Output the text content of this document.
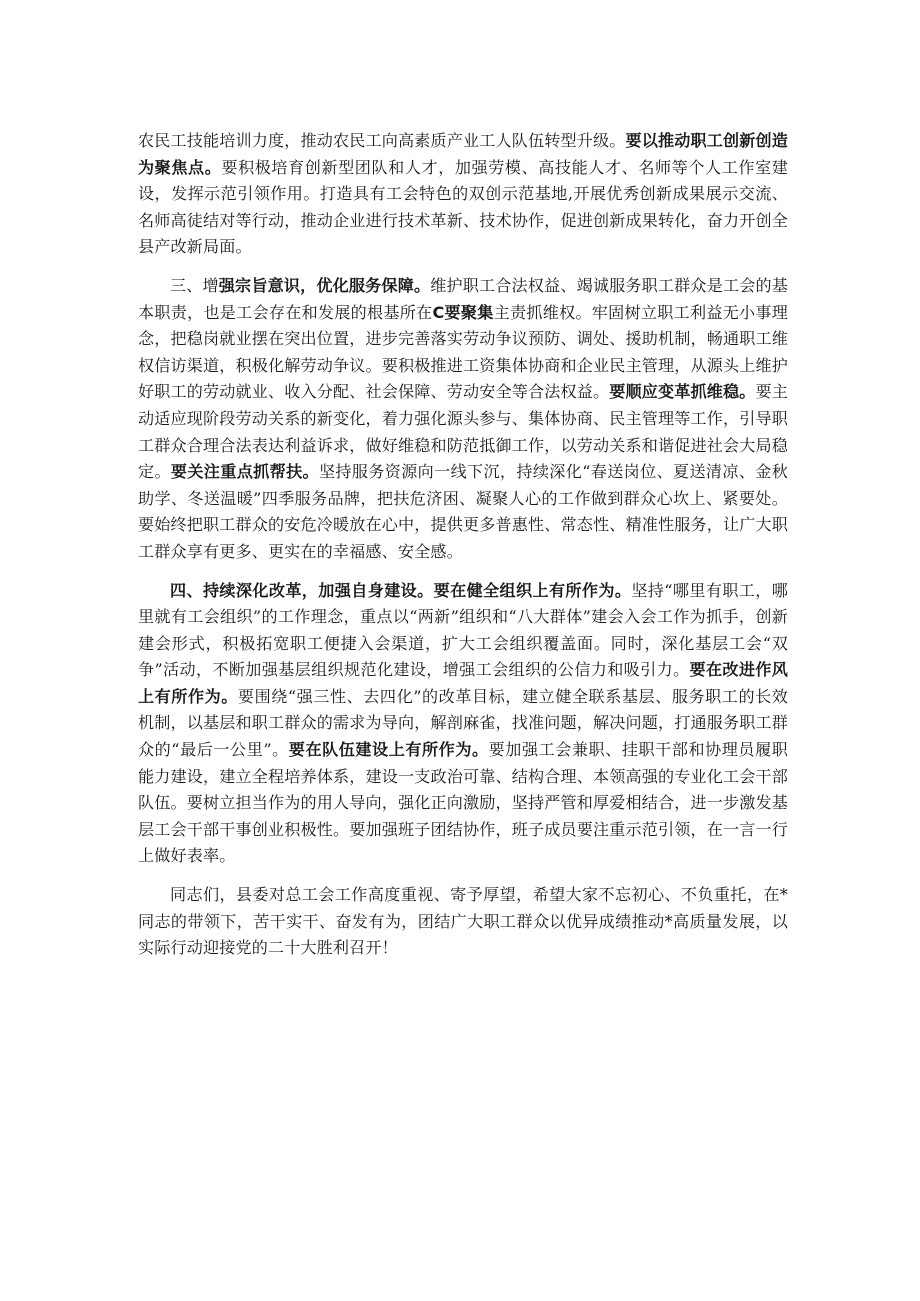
农民工技能培训力度，推动农民工向高素质产业工人队伍转型升级。要以推动职工创新创造为聚焦点。要积极培育创新型团队和人才，加强劳模、高技能人才、名师等个人工作室建设，发挥示范引领作用。打造具有工会特色的双创示范基地,开展优秀创新成果展示交流、名师高徒结对等行动，推动企业进行技术革新、技术协作，促进创新成果转化，奋力开创全县产改新局面。

三、增强宗旨意识，优化服务保障。维护职工合法权益、竭诚服务职工群众是工会的基本职责，也是工会存在和发展的根基所在C要聚集主责抓维权。牢固树立职工利益无小事理念，把稳岗就业摆在突出位置，进步完善落实劳动争议预防、调处、援助机制，畅通职工维权信访渠道，积极化解劳动争议。要积极推进工资集体协商和企业民主管理，从源头上维护好职工的劳动就业、收入分配、社会保障、劳动安全等合法权益。要顺应变革抓维稳。要主动适应现阶段劳动关系的新变化，着力强化源头参与、集体协商、民主管理等工作，引导职工群众合理合法表达利益诉求，做好维稳和防范抵御工作，以劳动关系和谐促进社会大局稳定。要关注重点抓帮扶。坚持服务资源向一线下沉，持续深化“春送岗位、夏送清凉、金秋助学、冬送温暖”四季服务品牌，把扶危济困、凝聚人心的工作做到群众心坎上、紧要处。要始终把职工群众的安危冷暖放在心中，提供更多普惠性、常态性、精准性服务，让广大职工群众享有更多、更实在的幸福感、安全感。

四、持续深化改革，加强自身建设。要在健全组织上有所作为。坚持“哪里有职工，哪里就有工会组织”的工作理念，重点以“两新”组织和“八大群体”建会入会工作为抓手，创新建会形式，积极拓宽职工便捷入会渠道，扩大工会组织覆盖面。同时，深化基层工会“双争”活动，不断加强基层组织规范化建设，增强工会组织的公信力和吸引力。要在改进作风上有所作为。要围绕“强三性、去四化”的改革目标，建立健全联系基层、服务职工的长效机制，以基层和职工群众的需求为导向，解剖麻雀，找准问题，解决问题，打通服务职工群众的“最后一公里”。要在队伍建设上有所作为。要加强工会兼职、挂职干部和协理员履职能力建设，建立全程培养体系，建设一支政治可靠、结构合理、本领高强的专业化工会干部队伍。要树立担当作为的用人导向，强化正向激励，坚持严管和厚爱相结合，进一步激发基层工会干部干事创业积极性。要加强班子团结协作，班子成员要注重示范引领，在一言一行上做好表率。

同志们，县委对总工会工作高度重视、寄予厚望，希望大家不忘初心、不负重托，在*同志的带领下，苦干实干、奋发有为，团结广大职工群众以优异成绩推动*高质量发展，以实际行动迎接党的二十大胜利召开！
